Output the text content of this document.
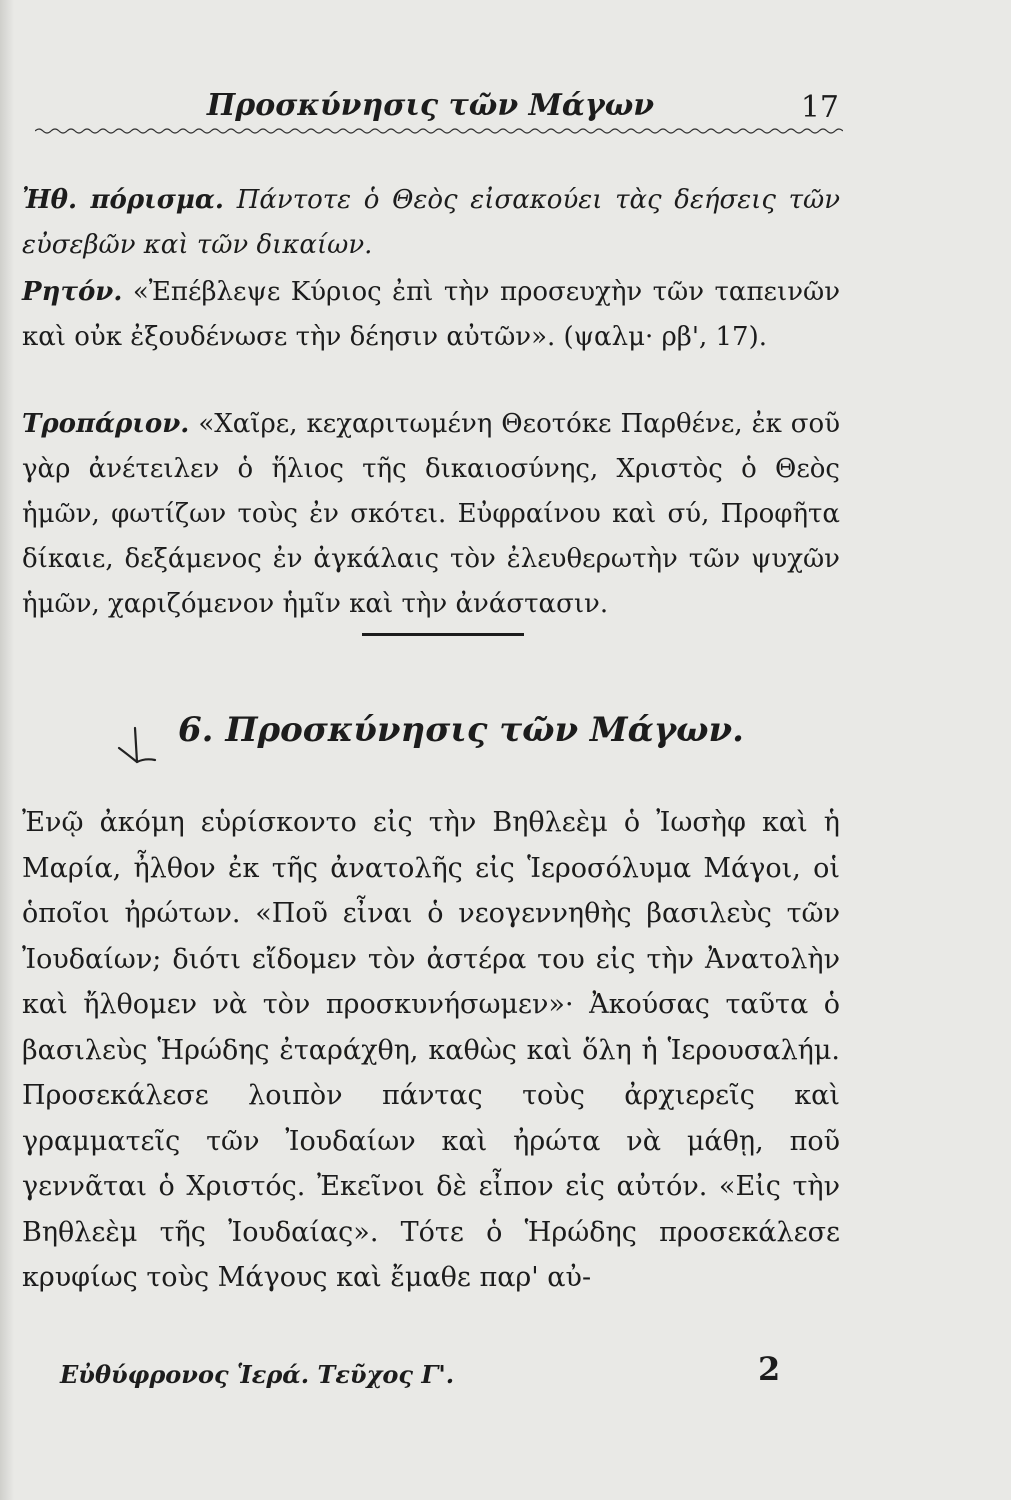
Προσκύνησις τῶν Μάγων	17

Ἠθ. πόρισμα. Πάντοτε ὁ Θεὸς εἰσακούει τὰς δεήσεις τῶν εὐσεβῶν καὶ τῶν δικαίων.

Ρητόν. «Ἐπέβλεψε Κύριος ἐπὶ τὴν προσευχὴν τῶν ταπεινῶν καὶ οὐκ ἐξουδένωσε τὴν δέησιν αὐτῶν». (ψαλμ· ρβ', 17).

Τροπάριον. «Χαῖρε, κεχαριτωμένη Θεοτόκε Παρθένε, ἐκ σοῦ γὰρ ἀνέτειλεν ὁ ἥλιος τῆς δικαιοσύνης, Χριστὸς ὁ Θεὸς ἡμῶν, φωτίζων τοὺς ἐν σκότει. Εὐφραίνου καὶ σύ, Προφῆτα δίκαιε, δεξάμενος ἐν ἀγκάλαις τὸν ἐλευθερωτὴν τῶν ψυχῶν ἡμῶν, χαριζόμενον ἡμῖν καὶ τὴν ἀνάστασιν.

6. Προσκύνησις τῶν Μάγων.

Ἐνῷ ἀκόμη εὑρίσκοντο εἰς τὴν Βηθλεὲμ ὁ Ἰωσὴφ καὶ ἡ Μαρία, ἦλθον ἐκ τῆς ἀνατολῆς εἰς Ἱεροσόλυμα Μάγοι, οἱ ὁποῖοι ἠρώτων. «Ποῦ εἶναι ὁ νεογεννηθὴς βασιλεὺς τῶν Ἰουδαίων; διότι εἴδομεν τὸν ἀστέρα του εἰς τὴν Ἀνατολὴν καὶ ἤλθομεν νὰ τὸν προσκυνήσωμεν»· Ἀκούσας ταῦτα ὁ βασιλεὺς Ἡρώδης ἐταράχθη, καθὼς καὶ ὅλη ἡ Ἱερουσαλήμ. Προσεκάλεσε λοιπὸν πάντας τοὺς ἀρχιερεῖς καὶ γραμματεῖς τῶν Ἰουδαίων καὶ ἠρώτα νὰ μάθῃ, ποῦ γεννᾶται ὁ Χριστός. Ἐκεῖνοι δὲ εἶπον εἰς αὐτόν. «Εἰς τὴν Βηθλεὲμ τῆς Ἰουδαίας». Τότε ὁ Ἡρώδης προσεκάλεσε κρυφίως τοὺς Μάγους καὶ ἔμαθε παρ' αὐ-

Εὐθύφρονος Ἱερά. Τεῦχος Γ'.	2
